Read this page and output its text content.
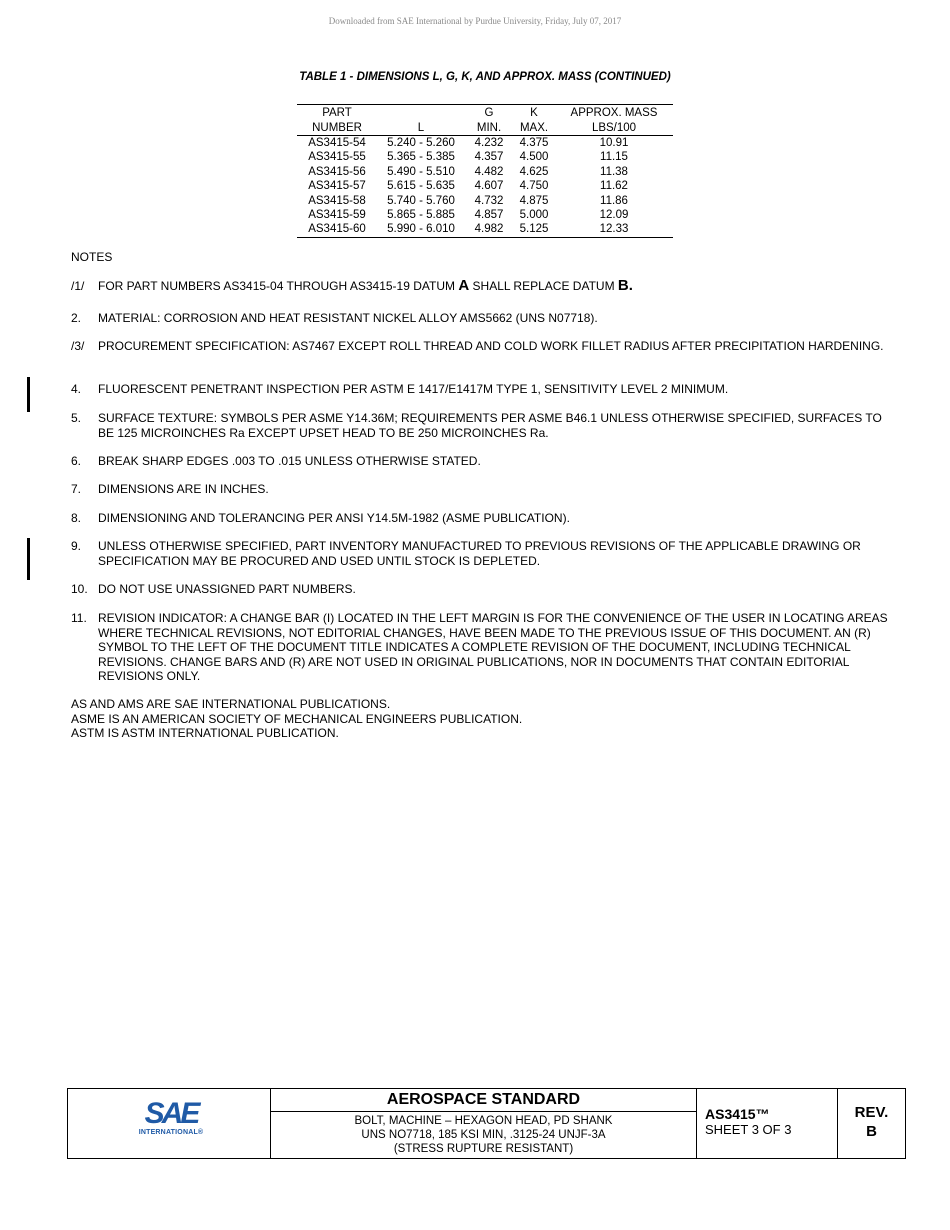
Downloaded from SAE International by Purdue University, Friday, July 07, 2017
TABLE 1 - DIMENSIONS L, G, K, AND APPROX. MASS (CONTINUED)
PART		G	K	APPROX. MASS
NUMBER	L	MIN.	MAX.	LBS/100
AS3415-54	5.240 - 5.260	4.232	4.375	10.91
AS3415-55	5.365 - 5.385	4.357	4.500	11.15
AS3415-56	5.490 - 5.510	4.482	4.625	11.38
AS3415-57	5.615 - 5.635	4.607	4.750	11.62
AS3415-58	5.740 - 5.760	4.732	4.875	11.86
AS3415-59	5.865 - 5.885	4.857	5.000	12.09
AS3415-60	5.990 - 6.010	4.982	5.125	12.33
NOTES
/1/ FOR PART NUMBERS AS3415-04 THROUGH AS3415-19 DATUM A SHALL REPLACE DATUM B.
2. MATERIAL: CORROSION AND HEAT RESISTANT NICKEL ALLOY AMS5662 (UNS N07718).
/3/ PROCUREMENT SPECIFICATION: AS7467 EXCEPT ROLL THREAD AND COLD WORK FILLET RADIUS AFTER PRECIPITATION HARDENING.
4. FLUORESCENT PENETRANT INSPECTION PER ASTM E 1417/E1417M TYPE 1, SENSITIVITY LEVEL 2 MINIMUM.
5. SURFACE TEXTURE: SYMBOLS PER ASME Y14.36M; REQUIREMENTS PER ASME B46.1 UNLESS OTHERWISE SPECIFIED, SURFACES TO BE 125 MICROINCHES Ra EXCEPT UPSET HEAD TO BE 250 MICROINCHES Ra.
6. BREAK SHARP EDGES .003 TO .015 UNLESS OTHERWISE STATED.
7. DIMENSIONS ARE IN INCHES.
8. DIMENSIONING AND TOLERANCING PER ANSI Y14.5M-1982 (ASME PUBLICATION).
9. UNLESS OTHERWISE SPECIFIED, PART INVENTORY MANUFACTURED TO PREVIOUS REVISIONS OF THE APPLICABLE DRAWING OR SPECIFICATION MAY BE PROCURED AND USED UNTIL STOCK IS DEPLETED.
10. DO NOT USE UNASSIGNED PART NUMBERS.
11. REVISION INDICATOR: A CHANGE BAR (I) LOCATED IN THE LEFT MARGIN IS FOR THE CONVENIENCE OF THE USER IN LOCATING AREAS WHERE TECHNICAL REVISIONS, NOT EDITORIAL CHANGES, HAVE BEEN MADE TO THE PREVIOUS ISSUE OF THIS DOCUMENT. AN (R) SYMBOL TO THE LEFT OF THE DOCUMENT TITLE INDICATES A COMPLETE REVISION OF THE DOCUMENT, INCLUDING TECHNICAL REVISIONS. CHANGE BARS AND (R) ARE NOT USED IN ORIGINAL PUBLICATIONS, NOR IN DOCUMENTS THAT CONTAIN EDITORIAL REVISIONS ONLY.
AS AND AMS ARE SAE INTERNATIONAL PUBLICATIONS.
ASME IS AN AMERICAN SOCIETY OF MECHANICAL ENGINEERS PUBLICATION.
ASTM IS ASTM INTERNATIONAL PUBLICATION.
SAE
INTERNATIONAL®
AEROSPACE STANDARD
BOLT, MACHINE – HEXAGON HEAD, PD SHANK
UNS NO7718, 185 KSI MIN, .3125-24 UNJF-3A
(STRESS RUPTURE RESISTANT)
AS3415™
SHEET 3 OF 3
REV.
B
